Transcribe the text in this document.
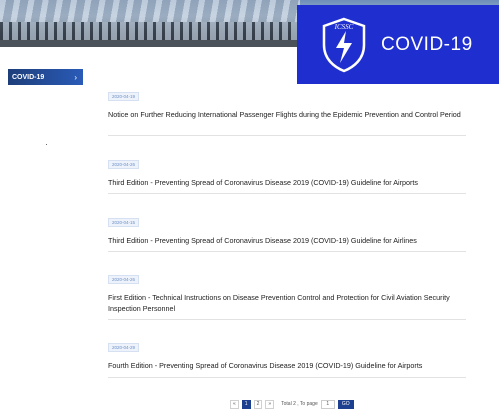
ICSSC
COVID-19
COVID-19	›
2020-04-19
Notice on Further Reducing International Passenger Flights during the Epidemic Prevention and Control Period
2020-04-26
Third Edition - Preventing Spread of Coronavirus Disease 2019 (COVID-19) Guideline for Airports
2020-04-15
Third Edition - Preventing Spread of Coronavirus Disease 2019 (COVID-19) Guideline for Airlines
2020-04-26
First Edition - Technical Instructions on Disease Prevention Control and Protection for Civil Aviation Security Inspection Personnel
2020-04-29
Fourth Edition - Preventing Spread of Coronavirus Disease 2019 (COVID-19) Guideline for Airports
«	1	2	»	Total 2 , To page	1	GO
